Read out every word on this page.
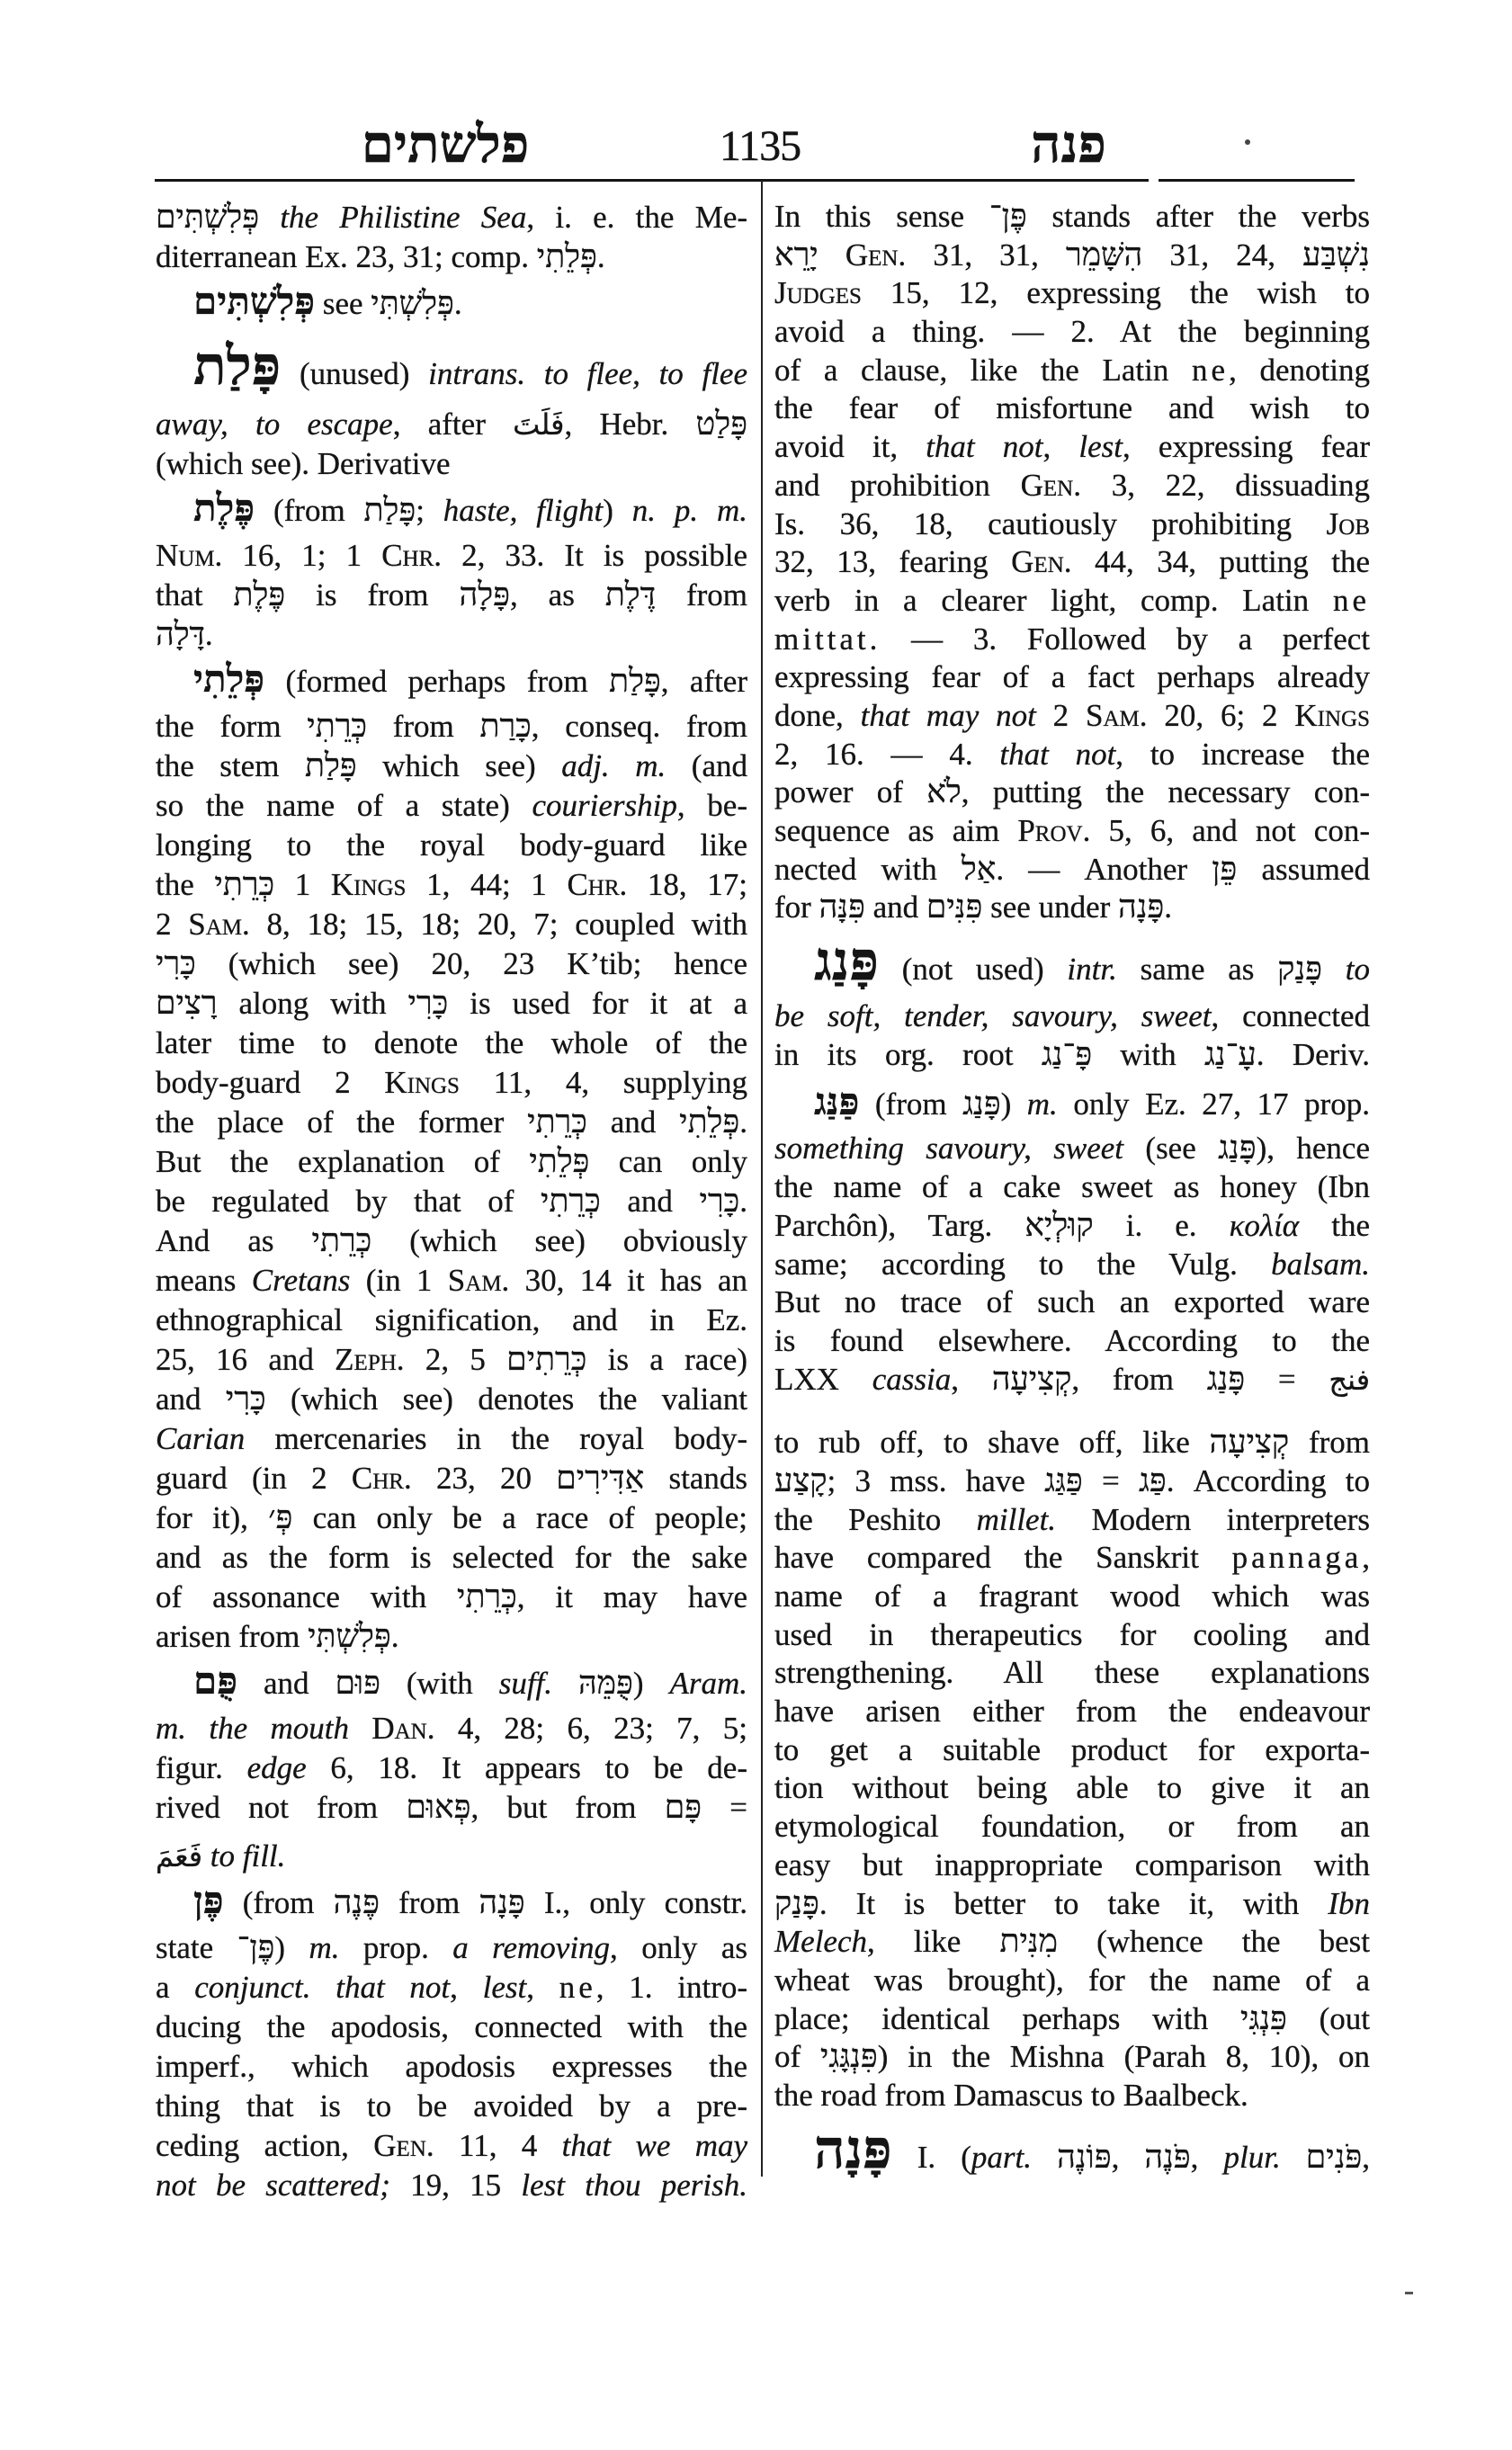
פלשתים	1135	פנה
פְּלִשְׁתִּים the Philistine Sea, i. e. the Me-
diterranean Ex. 23, 31; comp. פְּלֵתִי.
פְּלִשְׁתִּים see פְּלִשְׁתִּי.
פָּלַת (unused) intrans. to flee, to flee
away, to escape, after فَلَتَ, Hebr. פָּלַט
(which see). Derivative
פֶּלֶת (from פָּלַת; haste, flight) n. p. m.
Num. 16, 1; 1 Chr. 2, 33. It is possible
that פֶּלֶת is from פָּלָה, as דֶּלֶת from
דָּלָה.
פְּלֵתִי (formed perhaps from פָּלַת, after
the form כְּרֵתִי from כָּרַת, conseq. from
the stem פָּלַת which see) adj. m. (and
so the name of a state) couriership, be-
longing to the royal body-guard like
the כְּרֵתִי 1 Kings 1, 44; 1 Chr. 18, 17;
2 Sam. 8, 18; 15, 18; 20, 7; coupled with
כָּרִי (which see) 20, 23 K’tib; hence
רָצִים along with כָּרִי is used for it at a
later time to denote the whole of the
body-guard 2 Kings 11, 4, supplying
the place of the former כְּרֵתִי and פְּלֵתִי.
But the explanation of פְּלֵתִי can only
be regulated by that of כְּרֵתִי and כָּרִי.
And as כְּרֵתִי (which see) obviously
means Cretans (in 1 Sam. 30, 14 it has an
ethnographical signification, and in Ez.
25, 16 and Zeph. 2, 5 כְּרֵתִים is a race)
and כָּרִי (which see) denotes the valiant
Carian mercenaries in the royal body-
guard (in 2 Chr. 23, 20 אַדִּירִים stands
for it), פְּ׳ can only be a race of people;
and as the form is selected for the sake
of assonance with כְּרֵתִי, it may have
arisen from פְּלִשְׁתִּי.
פֻּם and פּוּם (with suff. פֻּמֵּהּ) Aram.
m. the mouth Dan. 4, 28; 6, 23; 7, 5;
figur. edge 6, 18. It appears to be de-
rived not from פְּאוּם, but from פָּם =
فَعَمَ to fill.
פֶּן (from פֶּנֶה from פָּנָה I., only constr.
state פֶּן־) m. prop. a removing, only as
a conjunct. that not, lest, ne, 1. intro-
ducing the apodosis, connected with the
imperf., which apodosis expresses the
thing that is to be avoided by a pre-
ceding action, Gen. 11, 4 that we may
not be scattered; 19, 15 lest thou perish.
In this sense פֶּן־ stands after the verbs
יָרֵא Gen. 31, 31, הִשָּׁמֵר 31, 24, נִשְׁבַּע
Judges 15, 12, expressing the wish to
avoid a thing. — 2. At the beginning
of a clause, like the Latin ne, denoting
the fear of misfortune and wish to
avoid it, that not, lest, expressing fear
and prohibition Gen. 3, 22, dissuading
Is. 36, 18, cautiously prohibiting Job
32, 13, fearing Gen. 44, 34, putting the
verb in a clearer light, comp. Latin ne
mittat. — 3. Followed by a perfect
expressing fear of a fact perhaps already
done, that may not 2 Sam. 20, 6; 2 Kings
2, 16. — 4. that not, to increase the
power of לֹא, putting the necessary con-
sequence as aim Prov. 5, 6, and not con-
nected with אַל. — Another פֵּן assumed
for פִּנָּה and פִּנִּים see under פָּנָה.
פָּנַג (not used) intr. same as פָּנַק to
be soft, tender, savoury, sweet, connected
in its org. root פָּ־נַג with עָ־נַג. Deriv.
פַּנַּג (from פָּנַג) m. only Ez. 27, 17 prop.
something savoury, sweet (see פָּנַג), hence
the name of a cake sweet as honey (Ibn
Parchôn), Targ. קוּלְיָא i. e. κολία the
same; according to the Vulg. balsam.
But no trace of such an exported ware
is found elsewhere. According to the
LXX cassia, קְצִיעָה, from פָּנַג = فنج
to rub off, to shave off, like קְצִיעָה from
קָצַע; 3 mss. have פַּגַּג = פַּג. According to
the Peshito millet. Modern interpreters
have compared the Sanskrit pannaga,
name of a fragrant wood which was
used in therapeutics for cooling and
strengthening. All these explanations
have arisen either from the endeavour
to get a suitable product for exporta-
tion without being able to give it an
etymological foundation, or from an
easy but inappropriate comparison with
פָּנַק. It is better to take it, with Ibn
Melech, like מִנִּית (whence the best
wheat was brought), for the name of a
place; identical perhaps with פִּנְגִּי (out
of פִּנְגָּגִי) in the Mishna (Parah 8, 10), on
the road from Damascus to Baalbeck.
פָּנָה I. (part. פּוֹנֶה, פֹּנֶה, plur. פֹּנִים,
